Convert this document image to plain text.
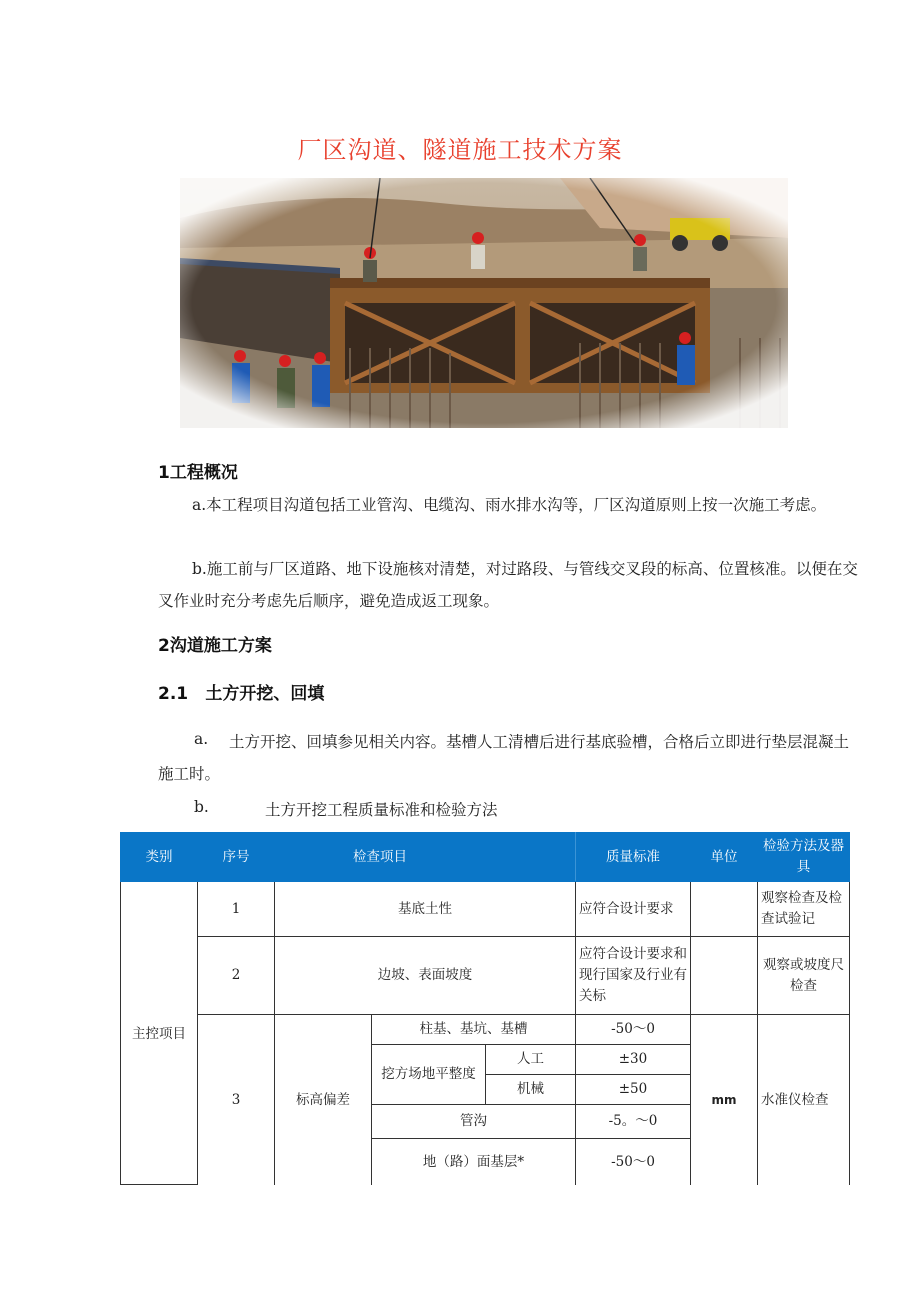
厂区沟道、隧道施工技术方案
1工程概况
a.本工程项目沟道包括工业管沟、电缆沟、雨水排水沟等，厂区沟道原则上按一次施工考虑。
b.施工前与厂区道路、地下设施核对清楚，对过路段、与管线交叉段的标高、位置核准。以便在交叉作业时充分考虑先后顺序，避免造成返工现象。
2沟道施工方案
2.1 土方开挖、回填
a.	土方开挖、回填参见相关内容。基槽人工清槽后进行基底验槽，合格后立即进行垫层混凝土施工时。
b.	土方开挖工程质量标准和检验方法
类别	序号	检查项目			质量标准	单位	检验方法及器具
主控项目	1	基底土性			应符合设计要求		观察检查及检查试验记
	2	边坡、表面坡度			应符合设计要求和现行国家及行业有关标		观察或坡度尺检查
	3	标高偏差	柱基、基坑、基槽		-50～0	mm	水准仪检查
			挖方场地平整度	人工	±30		
				机械	±50		
			管沟		-5。～0		
			地（路）面基层*		-50～0		
